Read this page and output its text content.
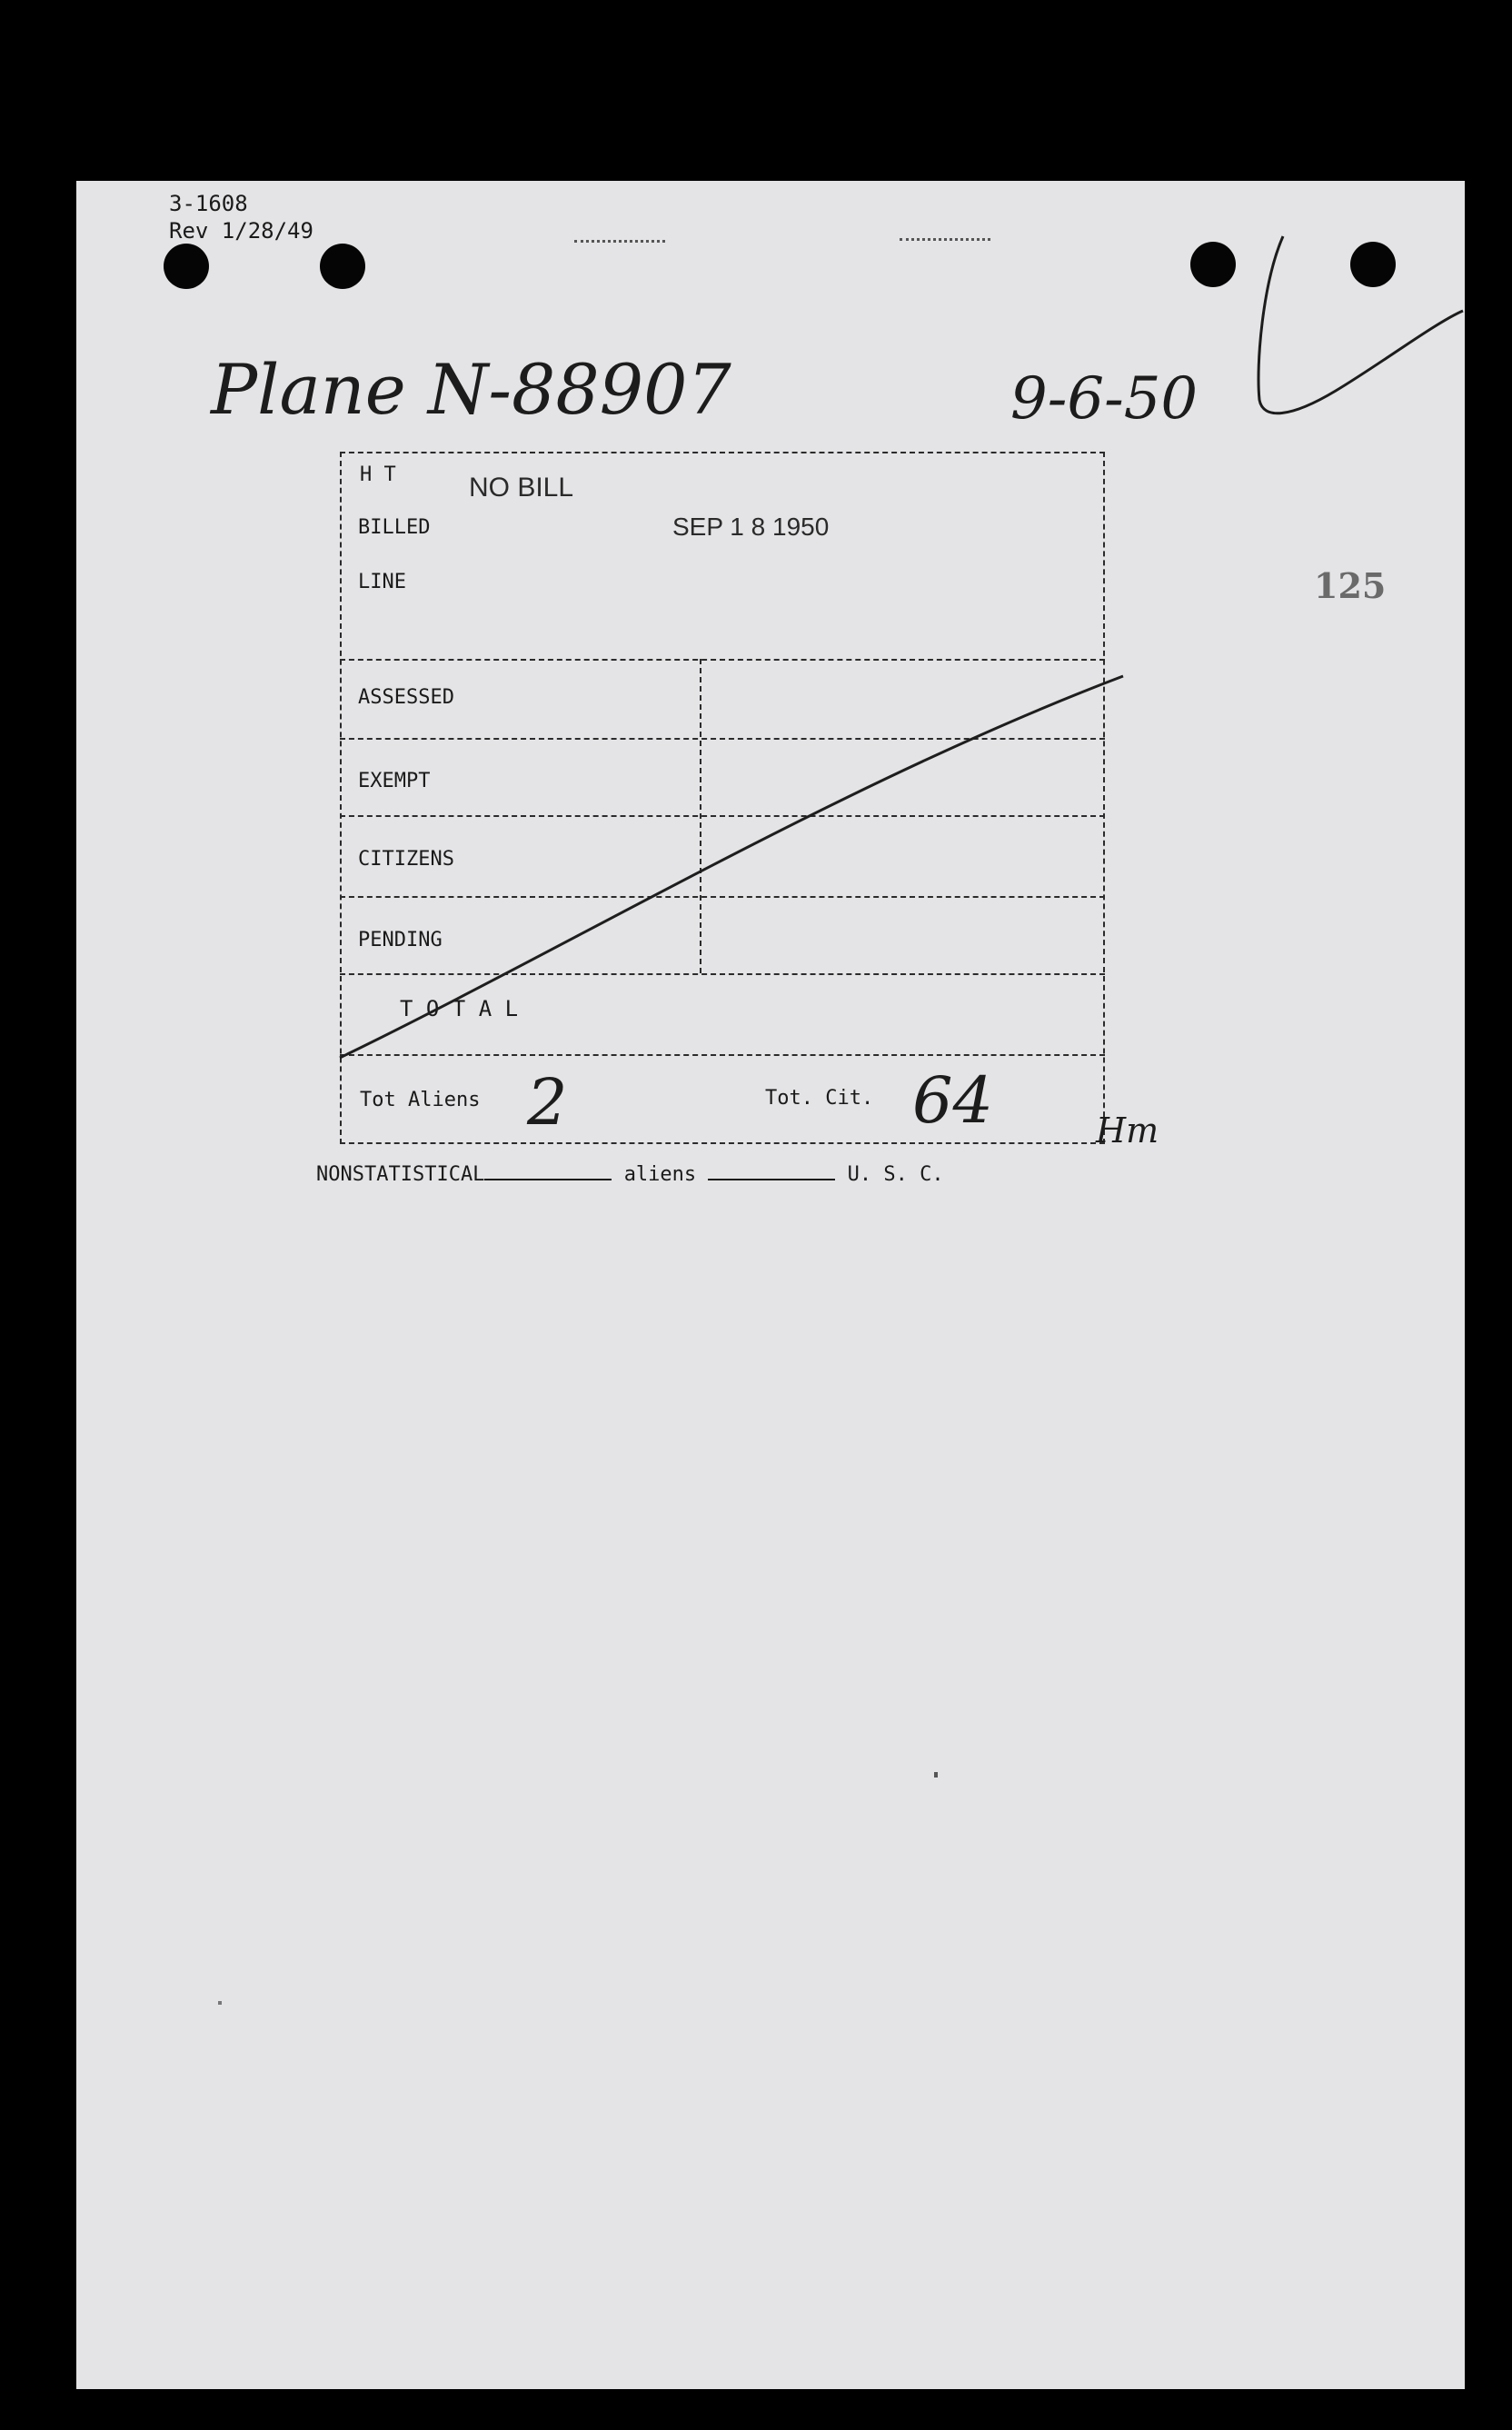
3-1608
Rev 1/28/49
Plane N-88907	9-6-50
125
H T	NO BILL
BILLED	SEP 1 8 1950
LINE
ASSESSED
EXEMPT
CITIZENS
PENDING
T O T A L
Tot Aliens 2	Tot. Cit. 64	Hm
NONSTATISTICAL	aliens	U. S. C.
